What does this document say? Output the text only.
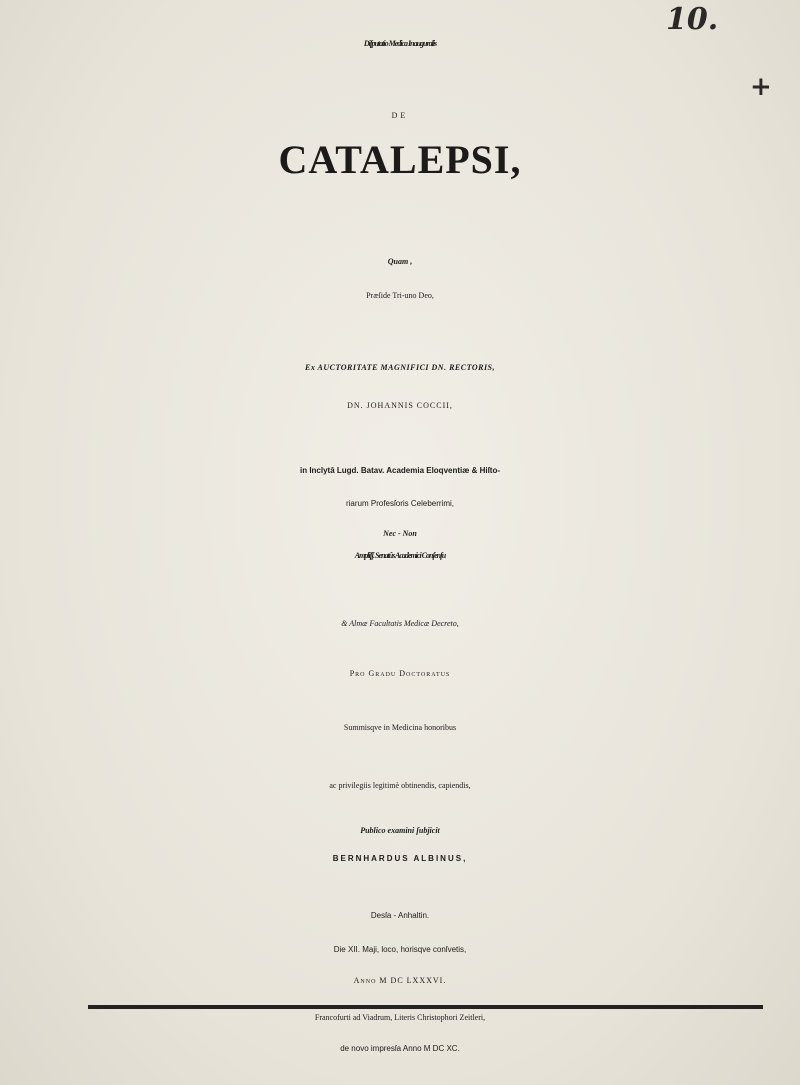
10.
+
Diſputatio Medica Inauguralis
DE
CATALEPSI,
Quam ,
Præſide Tri-uno Deo,
Ex AUCTORITATE MAGNIFICI DN. RECTORIS,
DN. JOHANNIS COCCII,
in Inclytâ Lugd. Batav. Academia Eloqventiæ & Hiſto-
riarum Profesſoris Celeberrimi,
Nec - Non
Ampliſſ. Senatûs Academici Conſenſu
& Almæ Facultatis Medicæ Decreto,
Pro Gradu Doctoratus
Summisqve in Medicina honoribus
ac privilegiis legitimè obtinendis, capiendis,
Publico examini ſubjicit
BERNHARDUS ALBINUS,
Desſa - Anhaltin.
Die XII. Maji, loco, horisqve conſvetis,
Anno M DC LXXXVI.
Francofurti ad Viadrum, Literis Christophori Zeitleri,
de novo impresſa Anno M DC XC.
